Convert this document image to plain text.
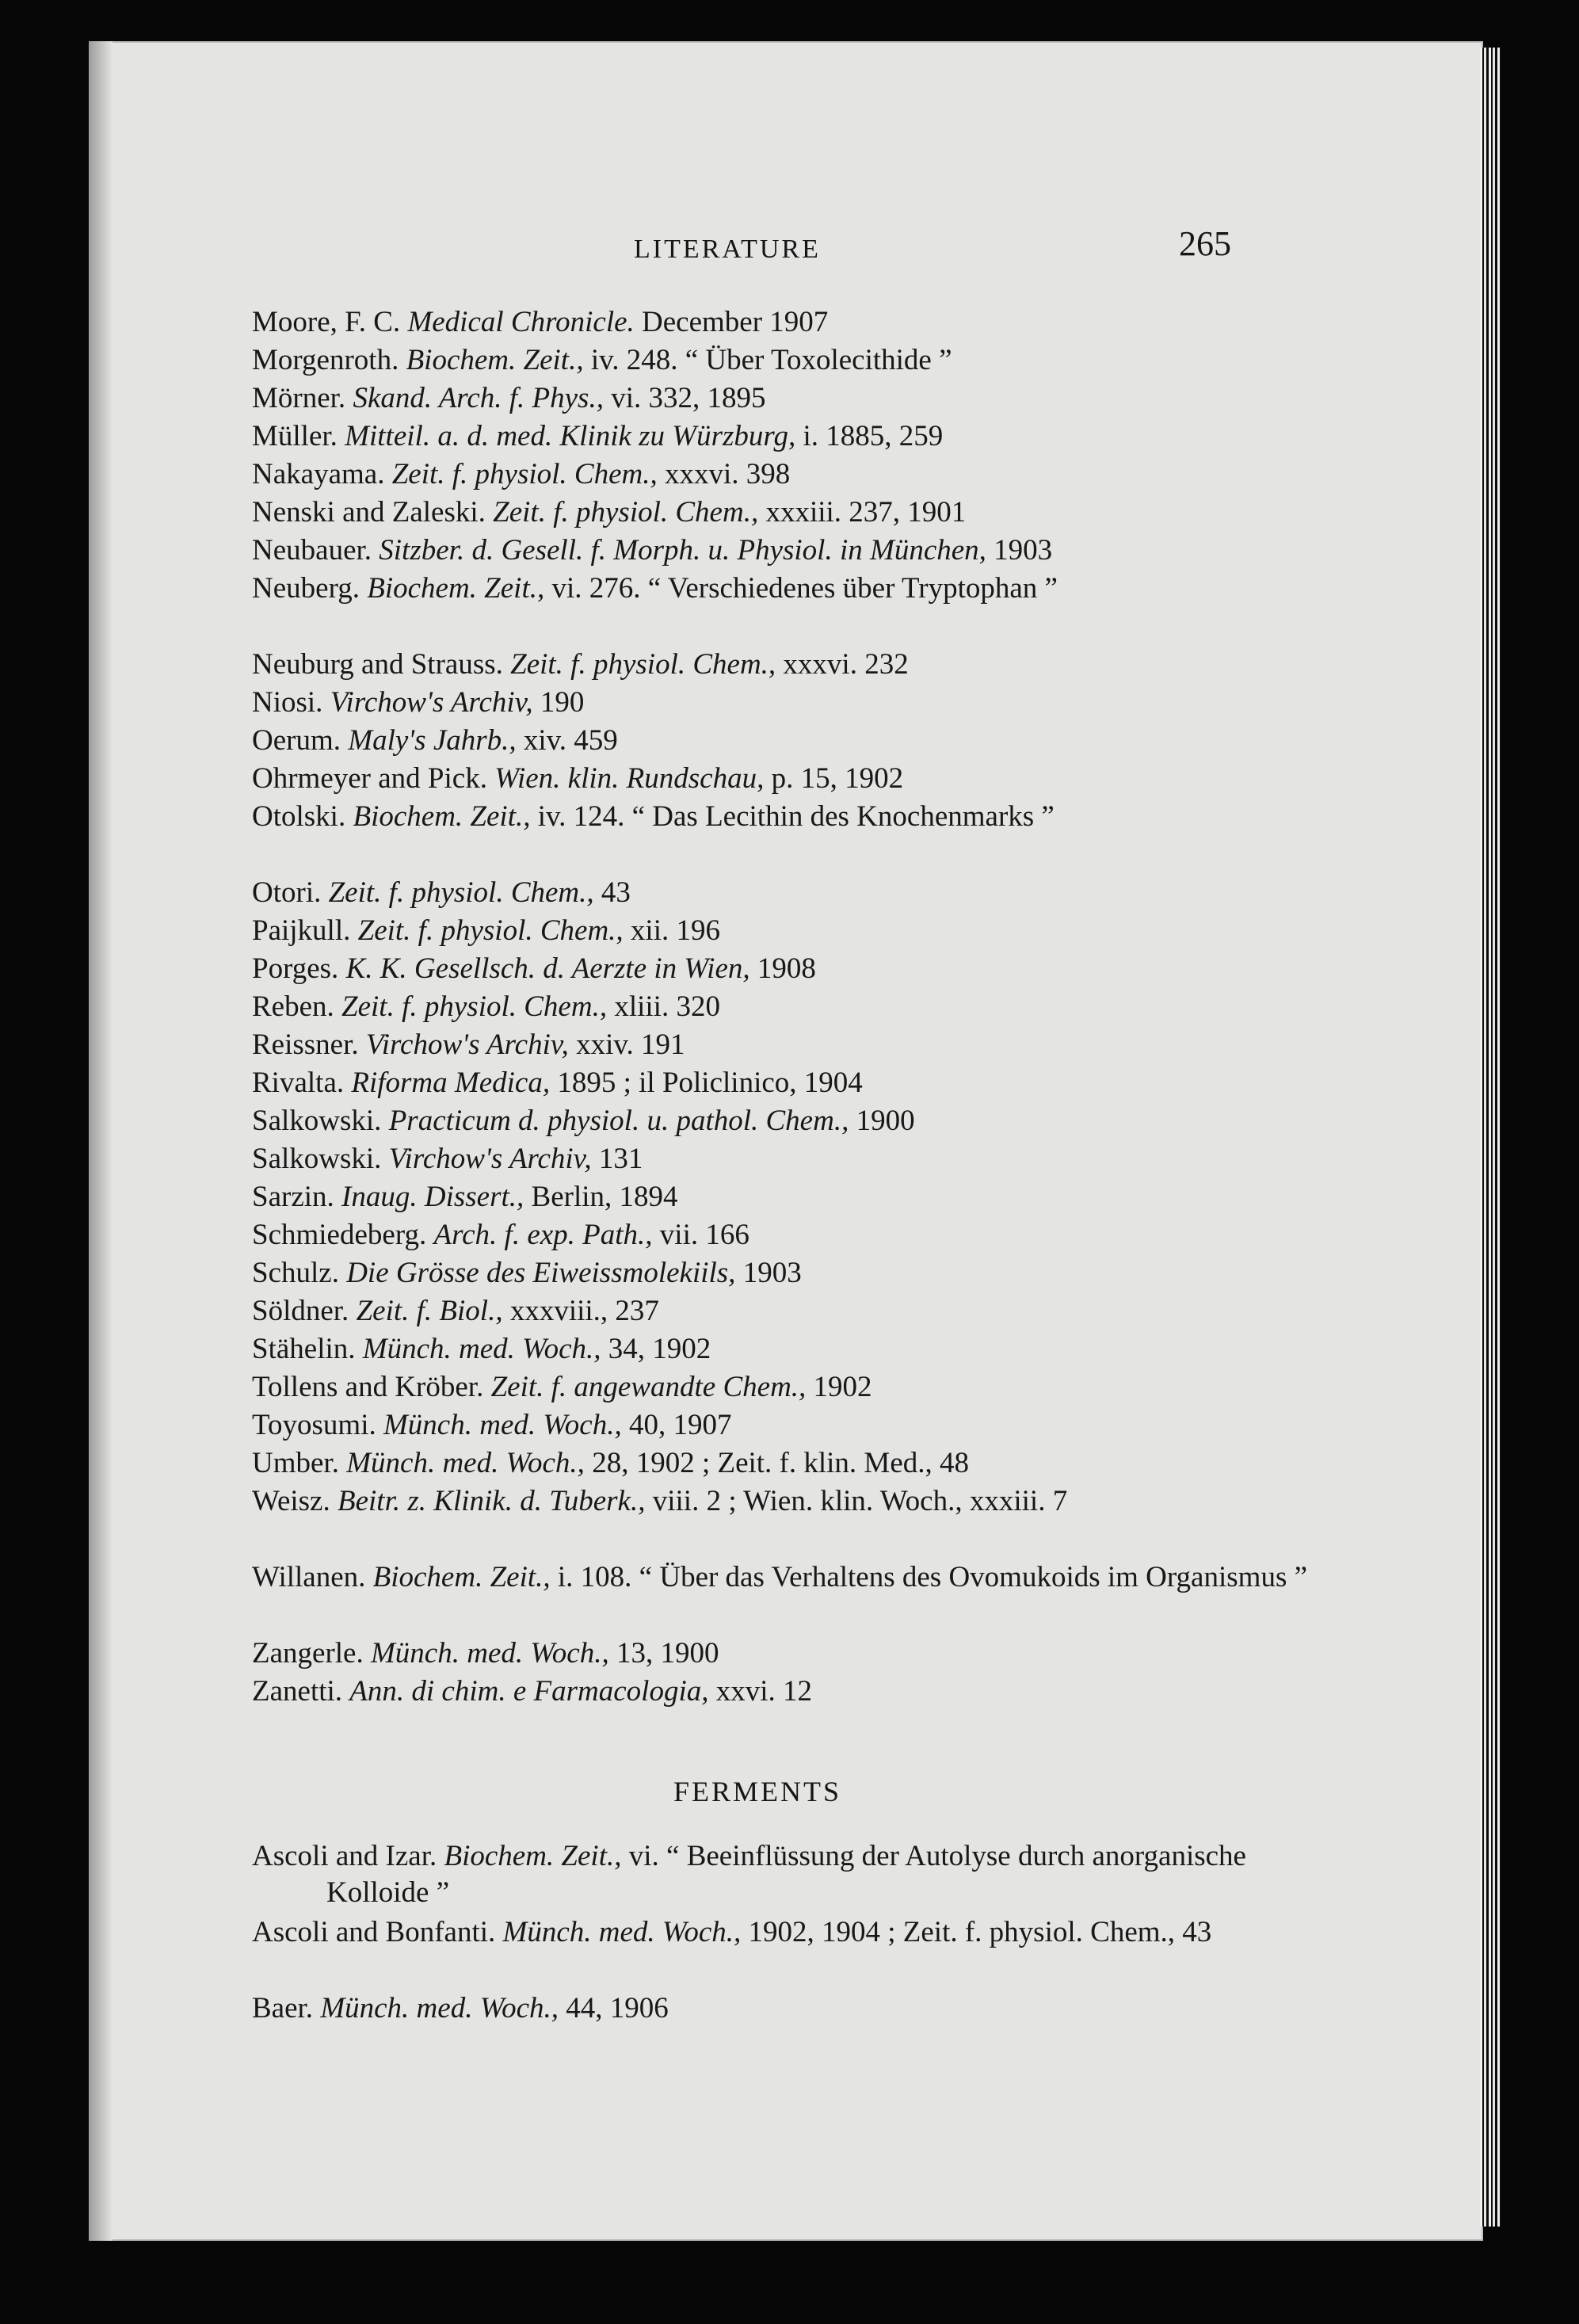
LITERATURE	265
FERMENTS
Moore, F. C. Medical Chronicle. December 1907
Morgenroth. Biochem. Zeit., iv. 248. “ Über Toxolecithide ”
Mörner. Skand. Arch. f. Phys., vi. 332, 1895
Müller. Mitteil. a. d. med. Klinik zu Würzburg, i. 1885, 259
Nakayama. Zeit. f. physiol. Chem., xxxvi. 398
Nenski and Zaleski. Zeit. f. physiol. Chem., xxxiii. 237, 1901
Neubauer. Sitzber. d. Gesell. f. Morph. u. Physiol. in München, 1903
Neuberg. Biochem. Zeit., vi. 276. “ Verschiedenes über Tryptophan ”
Neuburg and Strauss. Zeit. f. physiol. Chem., xxxvi. 232
Niosi. Virchow's Archiv, 190
Oerum. Maly's Jahrb., xiv. 459
Ohrmeyer and Pick. Wien. klin. Rundschau, p. 15, 1902
Otolski. Biochem. Zeit., iv. 124. “ Das Lecithin des Knochenmarks ”
Otori. Zeit. f. physiol. Chem., 43
Paijkull. Zeit. f. physiol. Chem., xii. 196
Porges. K. K. Gesellsch. d. Aerzte in Wien, 1908
Reben. Zeit. f. physiol. Chem., xliii. 320
Reissner. Virchow's Archiv, xxiv. 191
Rivalta. Riforma Medica, 1895 ; il Policlinico, 1904
Salkowski. Practicum d. physiol. u. pathol. Chem., 1900
Salkowski. Virchow's Archiv, 131
Sarzin. Inaug. Dissert., Berlin, 1894
Schmiedeberg. Arch. f. exp. Path., vii. 166
Schulz. Die Grösse des Eiweissmolekiils, 1903
Söldner. Zeit. f. Biol., xxxviii., 237
Stähelin. Münch. med. Woch., 34, 1902
Tollens and Kröber. Zeit. f. angewandte Chem., 1902
Toyosumi. Münch. med. Woch., 40, 1907
Umber. Münch. med. Woch., 28, 1902 ; Zeit. f. klin. Med., 48
Weisz. Beitr. z. Klinik. d. Tuberk., viii. 2 ; Wien. klin. Woch., xxxiii. 7
Willanen. Biochem. Zeit., i. 108. “ Über das Verhaltens des Ovomukoids im Organismus ”
Zangerle. Münch. med. Woch., 13, 1900
Zanetti. Ann. di chim. e Farmacologia, xxvi. 12
Ascoli and Izar. Biochem. Zeit., vi. “ Beeinflüssung der Autolyse durch anorganische Kolloide ”
Ascoli and Bonfanti. Münch. med. Woch., 1902, 1904 ; Zeit. f. physiol. Chem., 43
Baer. Münch. med. Woch., 44, 1906
